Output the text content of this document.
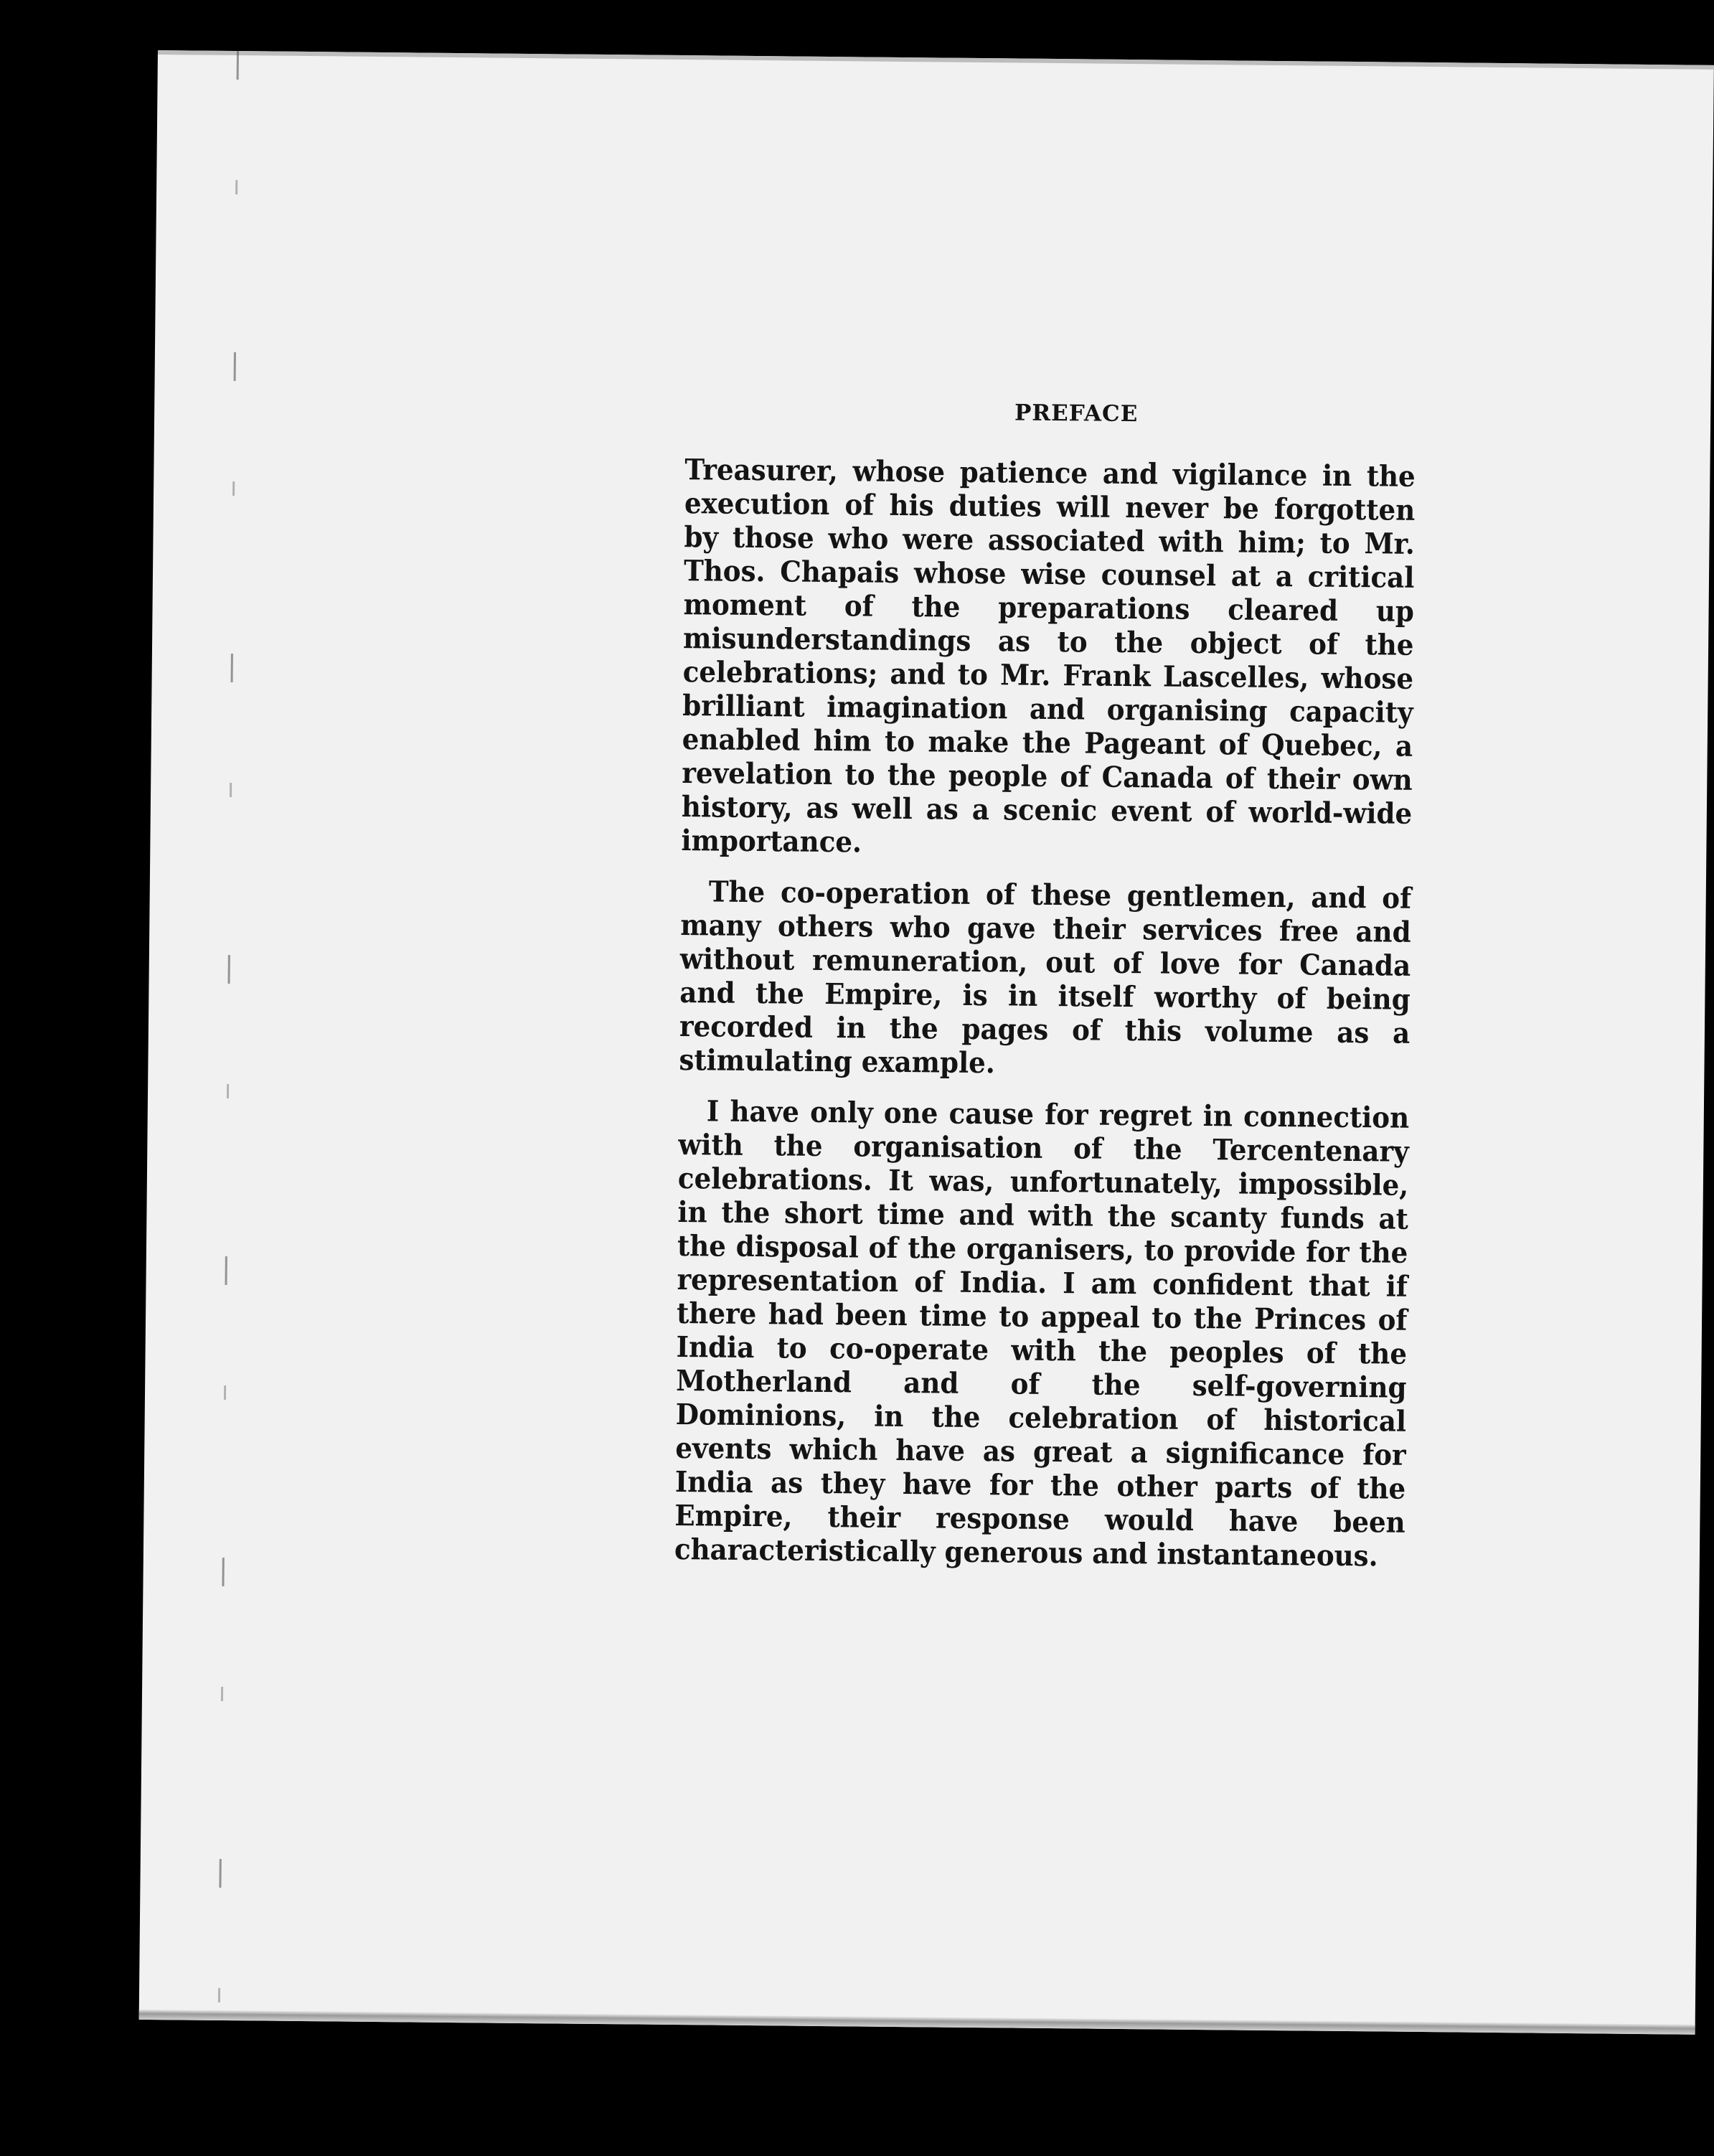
PREFACE

Treasurer, whose patience and vigilance in the execution of his duties will never be forgotten by those who were associated with him; to Mr. Thos. Chapais whose wise counsel at a critical moment of the preparations cleared up misunderstandings as to the object of the celebrations; and to Mr. Frank Lascelles, whose brilliant imagination and organising capacity enabled him to make the Pageant of Quebec, a revelation to the people of Canada of their own history, as well as a scenic event of world-wide importance.

The co-operation of these gentlemen, and of many others who gave their services free and without remuneration, out of love for Canada and the Empire, is in itself worthy of being recorded in the pages of this volume as a stimulating example.

I have only one cause for regret in connection with the organisation of the Tercentenary celebrations. It was, unfortunately, impossible, in the short time and with the scanty funds at the disposal of the organisers, to provide for the representation of India. I am confident that if there had been time to appeal to the Princes of India to co-operate with the peoples of the Motherland and of the self-governing Dominions, in the celebration of historical events which have as great a significance for India as they have for the other parts of the Empire, their response would have been characteristically generous and instantaneous.
